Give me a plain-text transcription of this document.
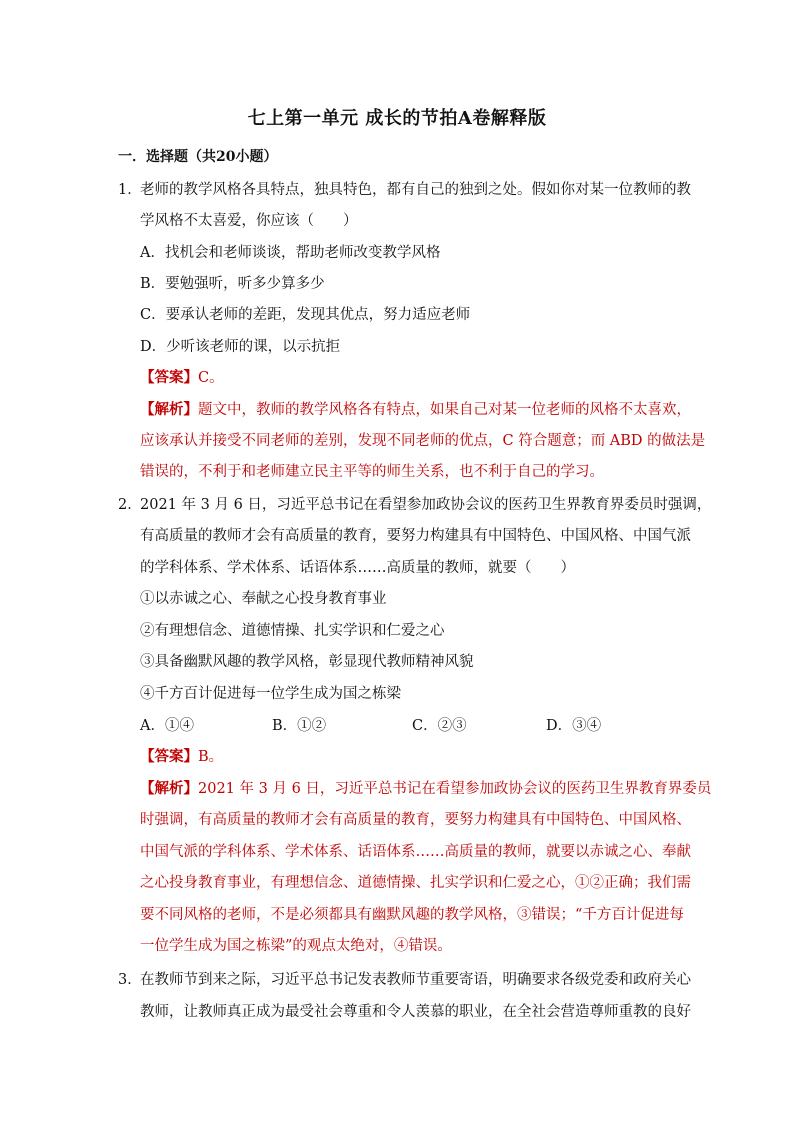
七上第一单元 成长的节拍A卷解释版
一．选择题（共20小题）
1．
老师的教学风格各具特点，独具特色，都有自己的独到之处。假如你对某一位教师的教
学风格不太喜爱，你应该（　　）
A．找机会和老师谈谈，帮助老师改变教学风格
B．要勉强听，听多少算多少
C．要承认老师的差距，发现其优点，努力适应老师
D．少听该老师的课，以示抗拒
【答案】C。
【解析】题文中，教师的教学风格各有特点，如果自己对某一位老师的风格不太喜欢，
应该承认并接受不同老师的差别，发现不同老师的优点，C 符合题意；而 ABD 的做法是
错误的，不利于和老师建立民主平等的师生关系，也不利于自己的学习。
2．
2021 年 3 月 6 日，习近平总书记在看望参加政协会议的医药卫生界教育界委员时强调，
有高质量的教师才会有高质量的教育，要努力构建具有中国特色、中国风格、中国气派
的学科体系、学术体系、话语体系……高质量的教师，就要（　　）
①以赤诚之心、奉献之心投身教育事业
②有理想信念、道德情操、扎实学识和仁爱之心
③具备幽默风趣的教学风格，彰显现代教师精神风貌
④千方百计促进每一位学生成为国之栋梁
A．①④	B．①②	C．②③	D．③④
【答案】B。
【解析】2021 年 3 月 6 日，习近平总书记在看望参加政协会议的医药卫生界教育界委员
时强调，有高质量的教师才会有高质量的教育，要努力构建具有中国特色、中国风格、
中国气派的学科体系、学术体系、话语体系……高质量的教师，就要以赤诚之心、奉献
之心投身教育事业，有理想信念、道德情操、扎实学识和仁爱之心，①②正确；我们需
要不同风格的老师，不是必须都具有幽默风趣的教学风格，③错误；“千方百计促进每
一位学生成为国之栋梁”的观点太绝对，④错误。
3．
在教师节到来之际，习近平总书记发表教师节重要寄语，明确要求各级党委和政府关心
教师，让教师真正成为最受社会尊重和令人羡慕的职业，在全社会营造尊师重教的良好
